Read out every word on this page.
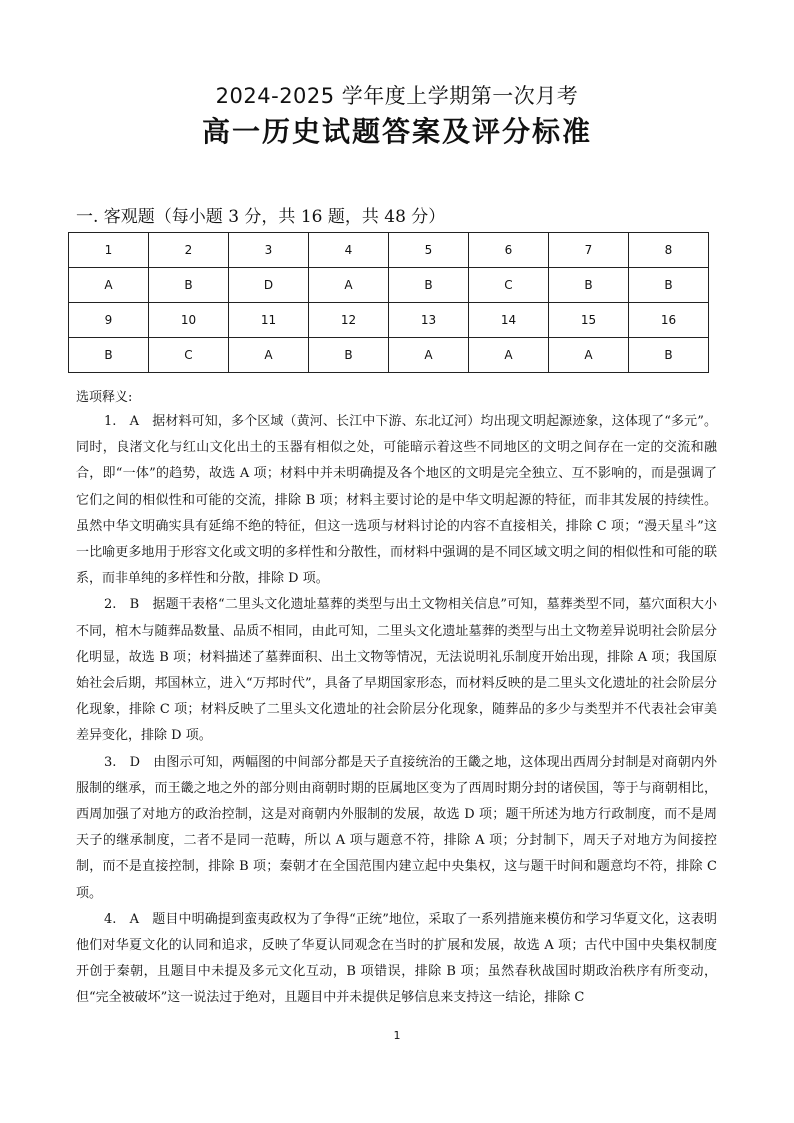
2024-2025 学年度上学期第一次月考
高一历史试题答案及评分标准
一. 客观题（每小题 3 分，共 16 题，共 48 分）
1	2	3	4	5	6	7	8
A	B	D	A	B	C	B	B
9	10	11	12	13	14	15	16
B	C	A	B	A	A	A	B
选项释义:

1.　A　据材料可知，多个区域（黄河、长江中下游、东北辽河）均出现文明起源迹象，这体现了“多元”。同时，良渚文化与红山文化出土的玉器有相似之处，可能暗示着这些不同地区的文明之间存在一定的交流和融合，即“一体”的趋势，故选 A 项；材料中并未明确提及各个地区的文明是完全独立、互不影响的，而是强调了它们之间的相似性和可能的交流，排除 B 项；材料主要讨论的是中华文明起源的特征，而非其发展的持续性。虽然中华文明确实具有延绵不绝的特征，但这一选项与材料讨论的内容不直接相关，排除 C 项；“漫天星斗”这一比喻更多地用于形容文化或文明的多样性和分散性，而材料中强调的是不同区域文明之间的相似性和可能的联系，而非单纯的多样性和分散，排除 D 项。

2.　B　据题干表格“二里头文化遗址墓葬的类型与出土文物相关信息”可知，墓葬类型不同，墓穴面积大小不同，棺木与随葬品数量、品质不相同，由此可知，二里头文化遗址墓葬的类型与出土文物差异说明社会阶层分化明显，故选 B 项；材料描述了墓葬面积、出土文物等情况，无法说明礼乐制度开始出现，排除 A 项；我国原始社会后期，邦国林立，进入“万邦时代”，具备了早期国家形态，而材料反映的是二里头文化遗址的社会阶层分化现象，排除 C 项；材料反映了二里头文化遗址的社会阶层分化现象，随葬品的多少与类型并不代表社会审美差异变化，排除 D 项。

3.　D　由图示可知，两幅图的中间部分都是天子直接统治的王畿之地，这体现出西周分封制是对商朝内外服制的继承，而王畿之地之外的部分则由商朝时期的臣属地区变为了西周时期分封的诸侯国，等于与商朝相比，西周加强了对地方的政治控制，这是对商朝内外服制的发展，故选 D 项；题干所述为地方行政制度，而不是周天子的继承制度，二者不是同一范畴，所以 A 项与题意不符，排除 A 项；分封制下，周天子对地方为间接控制，而不是直接控制，排除 B 项；秦朝才在全国范围内建立起中央集权，这与题干时间和题意均不符，排除 C 项。

4.　A　题目中明确提到蛮夷政权为了争得“正统”地位，采取了一系列措施来模仿和学习华夏文化，这表明他们对华夏文化的认同和追求，反映了华夏认同观念在当时的扩展和发展，故选 A 项；古代中国中央集权制度开创于秦朝，且题目中未提及多元文化互动，B 项错误，排除 B 项；虽然春秋战国时期政治秩序有所变动，但“完全被破坏”这一说法过于绝对，且题目中并未提供足够信息来支持这一结论，排除 C

1
